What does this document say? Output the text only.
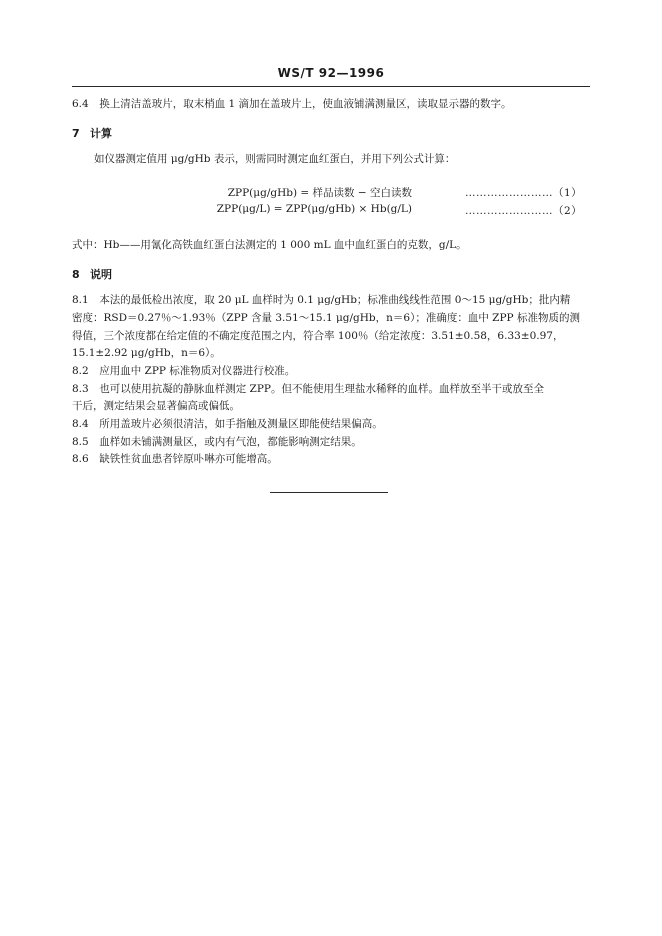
WS/T 92—1996
6.4　换上清洁盖玻片，取末梢血 1 滴加在盖玻片上，使血液铺满测量区，读取显示器的数字。
7 计算
如仪器测定值用 μg/gHb 表示，则需同时测定血红蛋白，并用下列公式计算：
ZPP(μg/gHb) = 样品读数 − 空白读数	……………………（1）
ZPP(μg/L) = ZPP(μg/gHb) × Hb(g/L)	……………………（2）
式中：Hb——用氰化高铁血红蛋白法测定的 1 000 mL 血中血红蛋白的克数，g/L。
8 说明
8.1　本法的最低检出浓度，取 20 μL 血样时为 0.1 μg/gHb；标准曲线线性范围 0～15 μg/gHb；批内精
密度：RSD＝0.27％～1.93％（ZPP 含量 3.51～15.1 μg/gHb，n＝6）；准确度：血中 ZPP 标准物质的测
得值，三个浓度都在给定值的不确定度范围之内，符合率 100％（给定浓度：3.51±0.58，6.33±0.97，
15.1±2.92 μg/gHb，n＝6）。
8.2　应用血中 ZPP 标准物质对仪器进行校准。
8.3　也可以使用抗凝的静脉血样测定 ZPP。但不能使用生理盐水稀释的血样。血样放至半干或放至全
干后，测定结果会显著偏高或偏低。
8.4　所用盖玻片必须很清洁，如手指触及测量区即能使结果偏高。
8.5　血样如未铺满测量区，或内有气泡，都能影响测定结果。
8.6　缺铁性贫血患者锌原卟啉亦可能增高。
